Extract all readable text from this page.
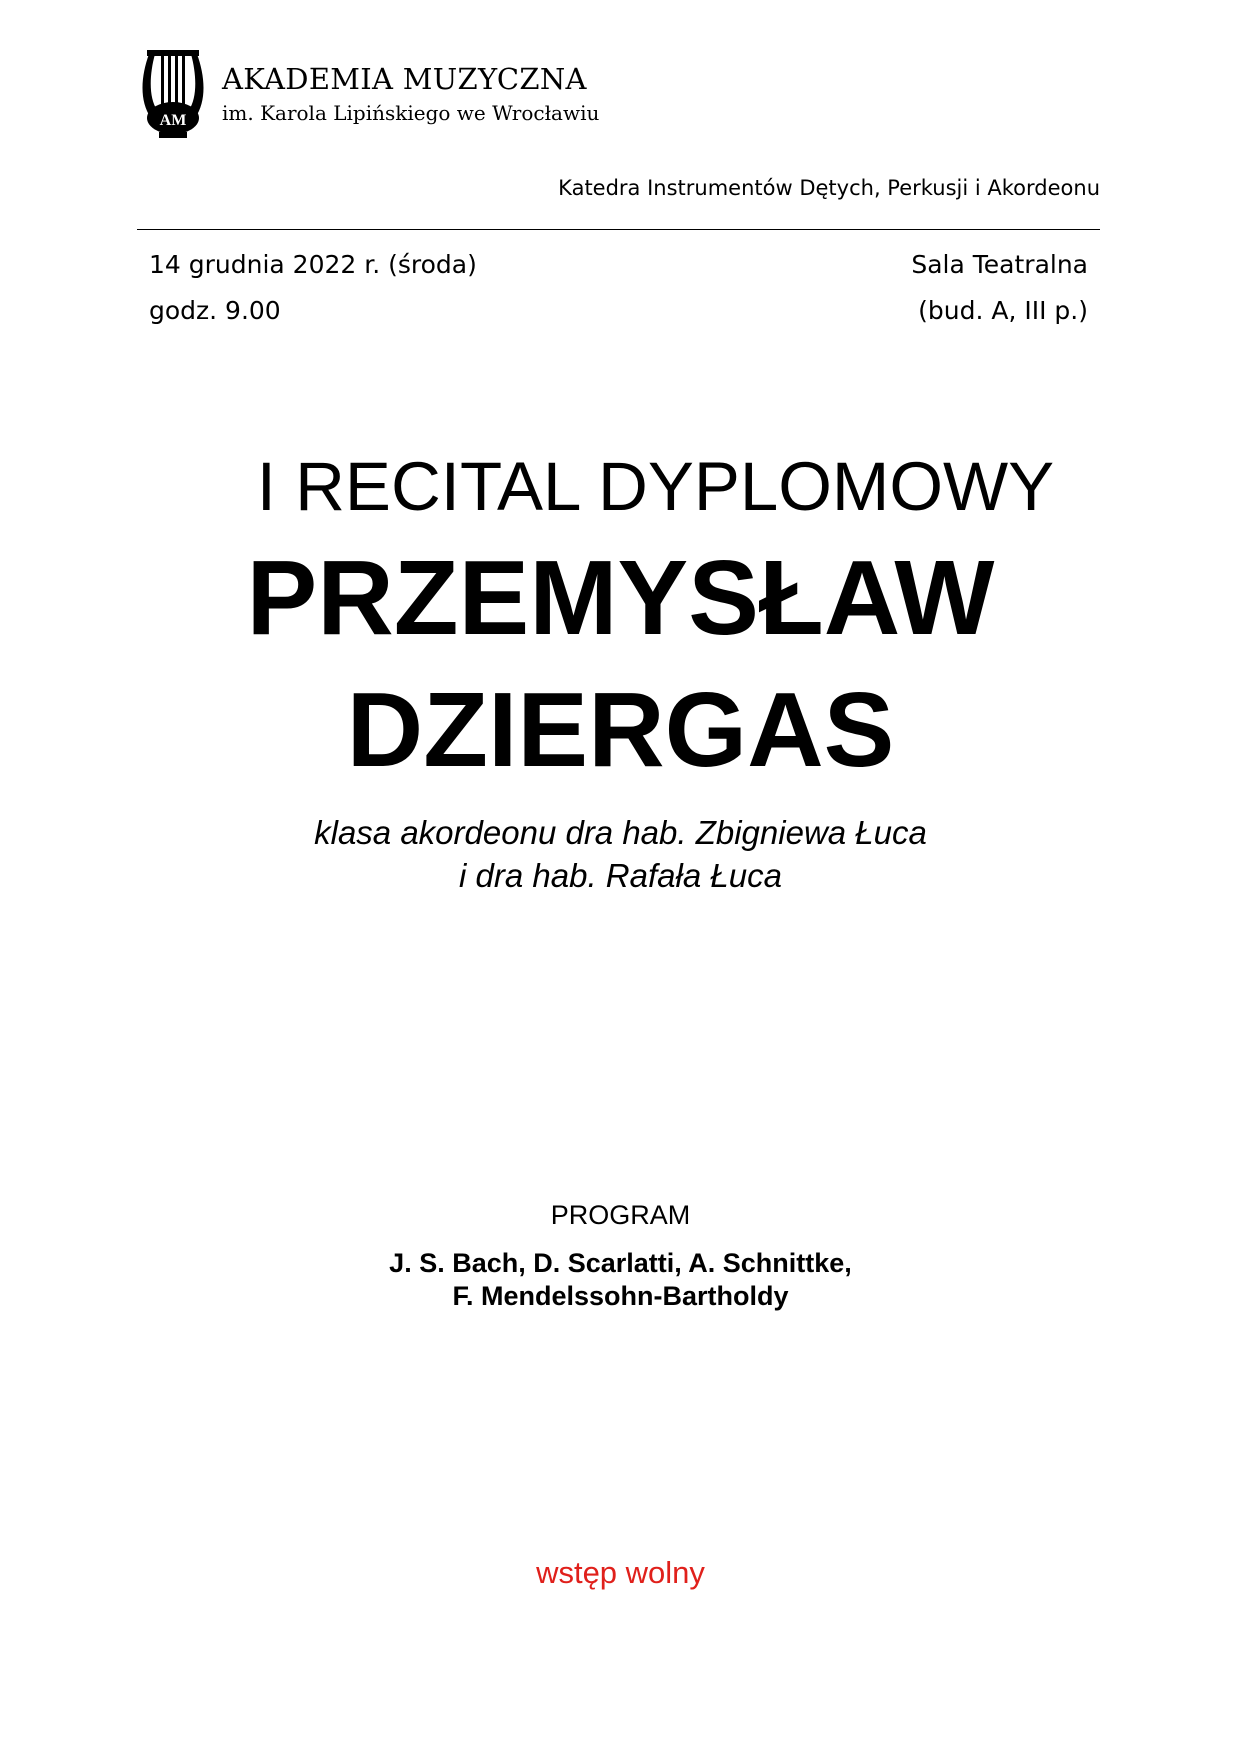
AM
AKADEMIA MUZYCZNA
im. Karola Lipińskiego we Wrocławiu
Katedra Instrumentów Dętych, Perkusji i Akordeonu
14 grudnia 2022 r. (środa)
godz. 9.00
Sala Teatralna
(bud. A, III p.)
I RECITAL DYPLOMOWY
PRZEMYSŁAW
DZIERGAS
klasa akordeonu dra hab. Zbigniewa Łuca
i dra hab. Rafała Łuca
PROGRAM
J. S. Bach, D. Scarlatti, A. Schnittke,
F. Mendelssohn-Bartholdy
wstęp wolny
